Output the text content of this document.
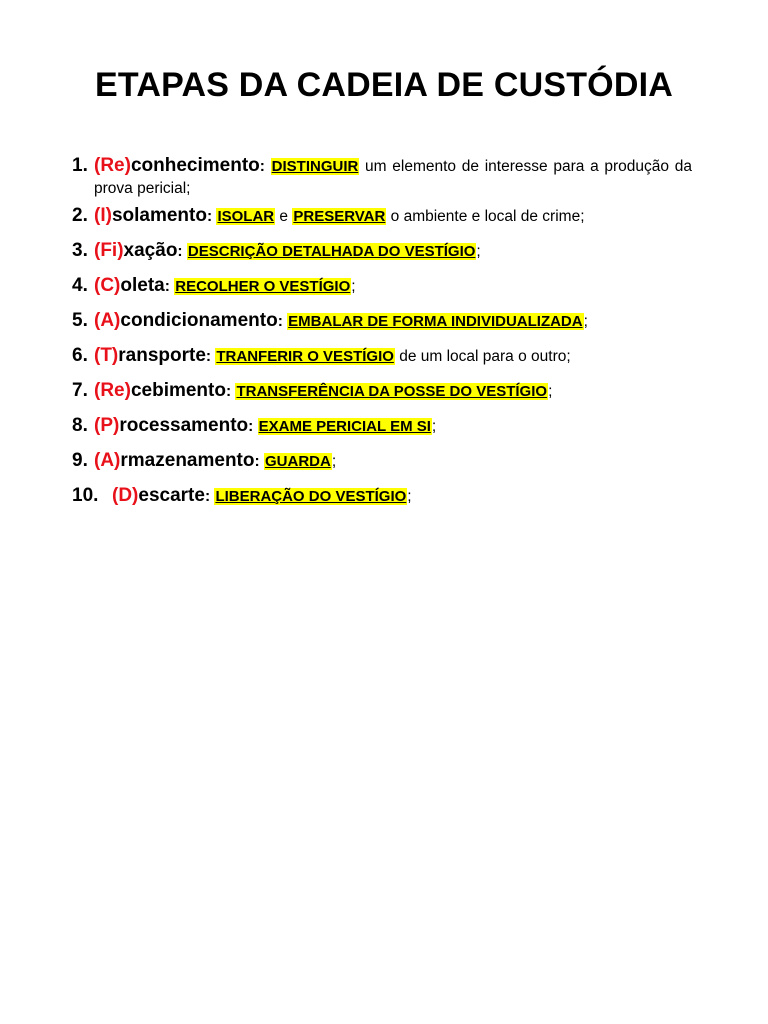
ETAPAS DA CADEIA DE CUSTÓDIA
1. (Re)conhecimento: DISTINGUIR um elemento de interesse para a produção da prova pericial;
2. (I)solamento: ISOLAR e PRESERVAR o ambiente e local de crime;
3. (Fi)xação: DESCRIÇÃO DETALHADA DO VESTÍGIO;
4. (C)oleta: RECOLHER O VESTÍGIO;
5. (A)condicionamento: EMBALAR DE FORMA INDIVIDUALIZADA;
6. (T)ransporte: TRANFERIR O VESTÍGIO de um local para o outro;
7. (Re)cebimento: TRANSFERÊNCIA DA POSSE DO VESTÍGIO;
8. (P)rocessamento: EXAME PERICIAL EM SI;
9. (A)rmazenamento: GUARDA;
10. (D)escarte: LIBERAÇÃO DO VESTÍGIO;
